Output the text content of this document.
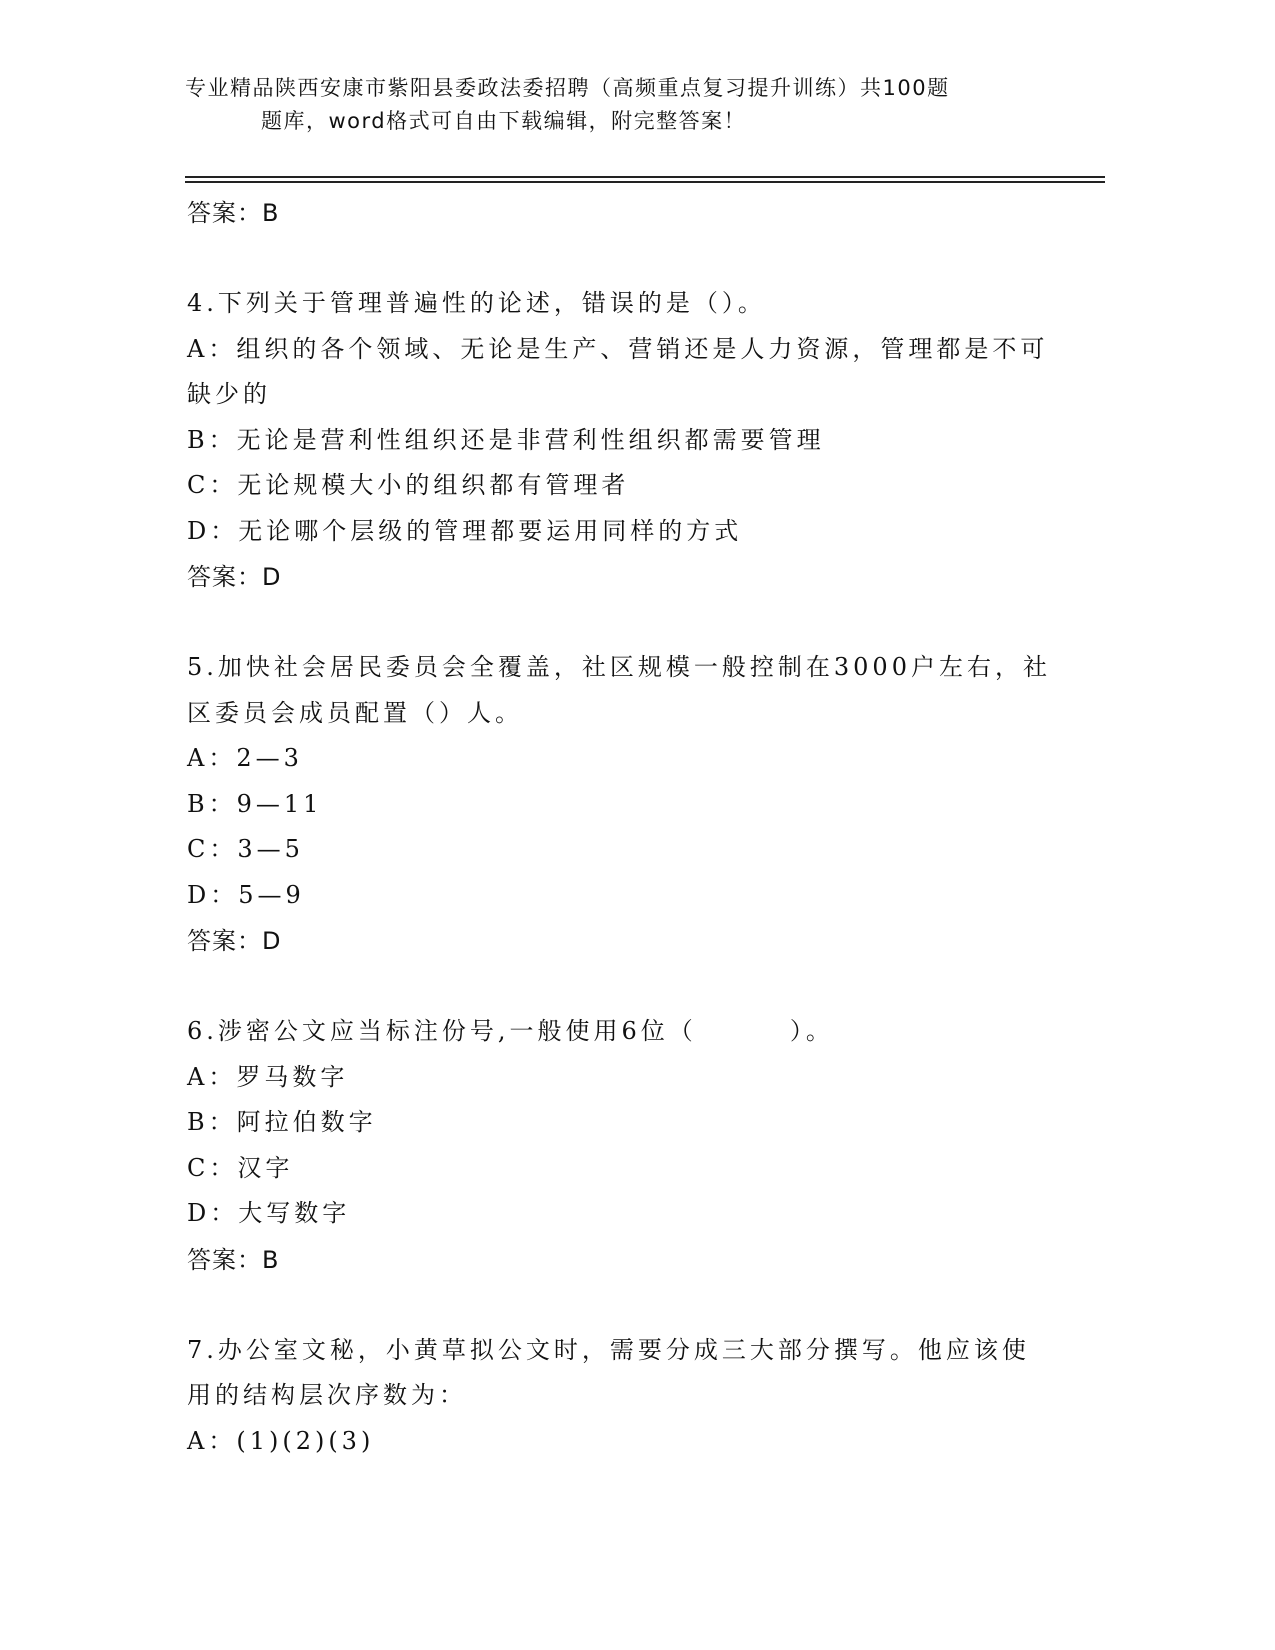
专业精品陕西安康市紫阳县委政法委招聘（高频重点复习提升训练）共100题
题库，word格式可自由下载编辑，附完整答案！
答案：B
4.下列关于管理普遍性的论述，错误的是（）。
A：组织的各个领域、无论是生产、营销还是人力资源，管理都是不可
缺少的
B：无论是营利性组织还是非营利性组织都需要管理
C：无论规模大小的组织都有管理者
D：无论哪个层级的管理都要运用同样的方式
答案：D
5.加快社会居民委员会全覆盖，社区规模一般控制在3000户左右，社
区委员会成员配置（）人。
A：2—3
B：9—11
C：3—5
D：5—9
答案：D
6.涉密公文应当标注份号,一般使用6位（        ）。
A：罗马数字
B：阿拉伯数字
C：汉字
D：大写数字
答案：B
7.办公室文秘，小黄草拟公文时，需要分成三大部分撰写。他应该使
用的结构层次序数为：
A：(1)(2)(3)
